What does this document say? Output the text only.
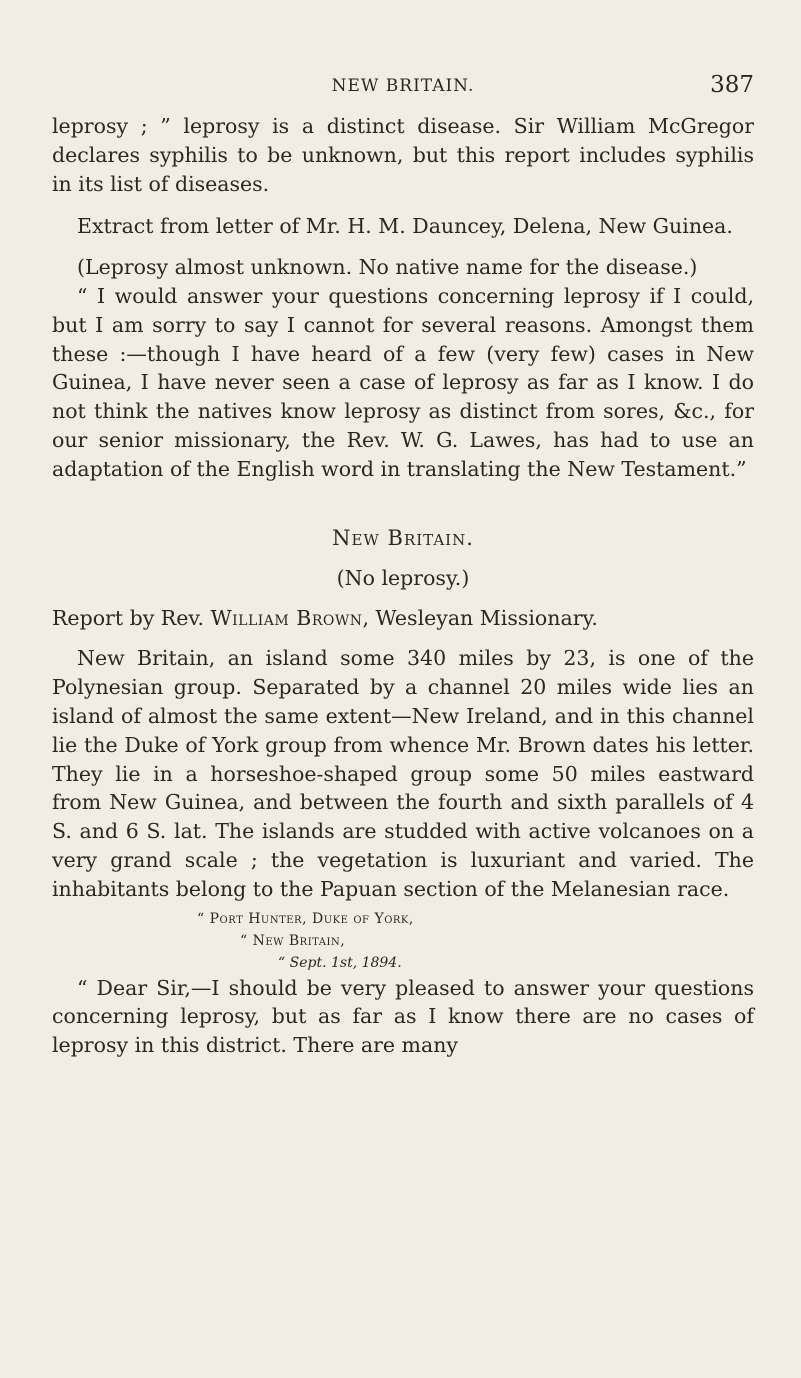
NEW BRITAIN.	387

leprosy ; ” leprosy is a distinct disease. Sir William McGregor declares syphilis to be unknown, but this report includes syphilis in its list of diseases.

Extract from letter of Mr. H. M. Dauncey, Delena, New Guinea.

(Leprosy almost unknown. No native name for the disease.)

“ I would answer your questions concerning leprosy if I could, but I am sorry to say I cannot for several reasons. Amongst them these :—though I have heard of a few (very few) cases in New Guinea, I have never seen a case of leprosy as far as I know. I do not think the natives know leprosy as distinct from sores, &c., for our senior missionary, the Rev. W. G. Lawes, has had to use an adaptation of the English word in translating the New Testament.”

New Britain.
(No leprosy.)

Report by Rev. William Brown, Wesleyan Missionary.

New Britain, an island some 340 miles by 23, is one of the Polynesian group. Separated by a channel 20 miles wide lies an island of almost the same extent—New Ireland, and in this channel lie the Duke of York group from whence Mr. Brown dates his letter. They lie in a horseshoe-shaped group some 50 miles eastward from New Guinea, and between the fourth and sixth parallels of 4 S. and 6 S. lat. The islands are studded with active volcanoes on a very grand scale ; the vegetation is luxuriant and varied. The inhabitants belong to the Papuan section of the Melanesian race.

“ Port Hunter, Duke of York,
“ New Britain,
“ Sept. 1st, 1894.

“ Dear Sir,—I should be very pleased to answer your questions concerning leprosy, but as far as I know there are no cases of leprosy in this district. There are many
